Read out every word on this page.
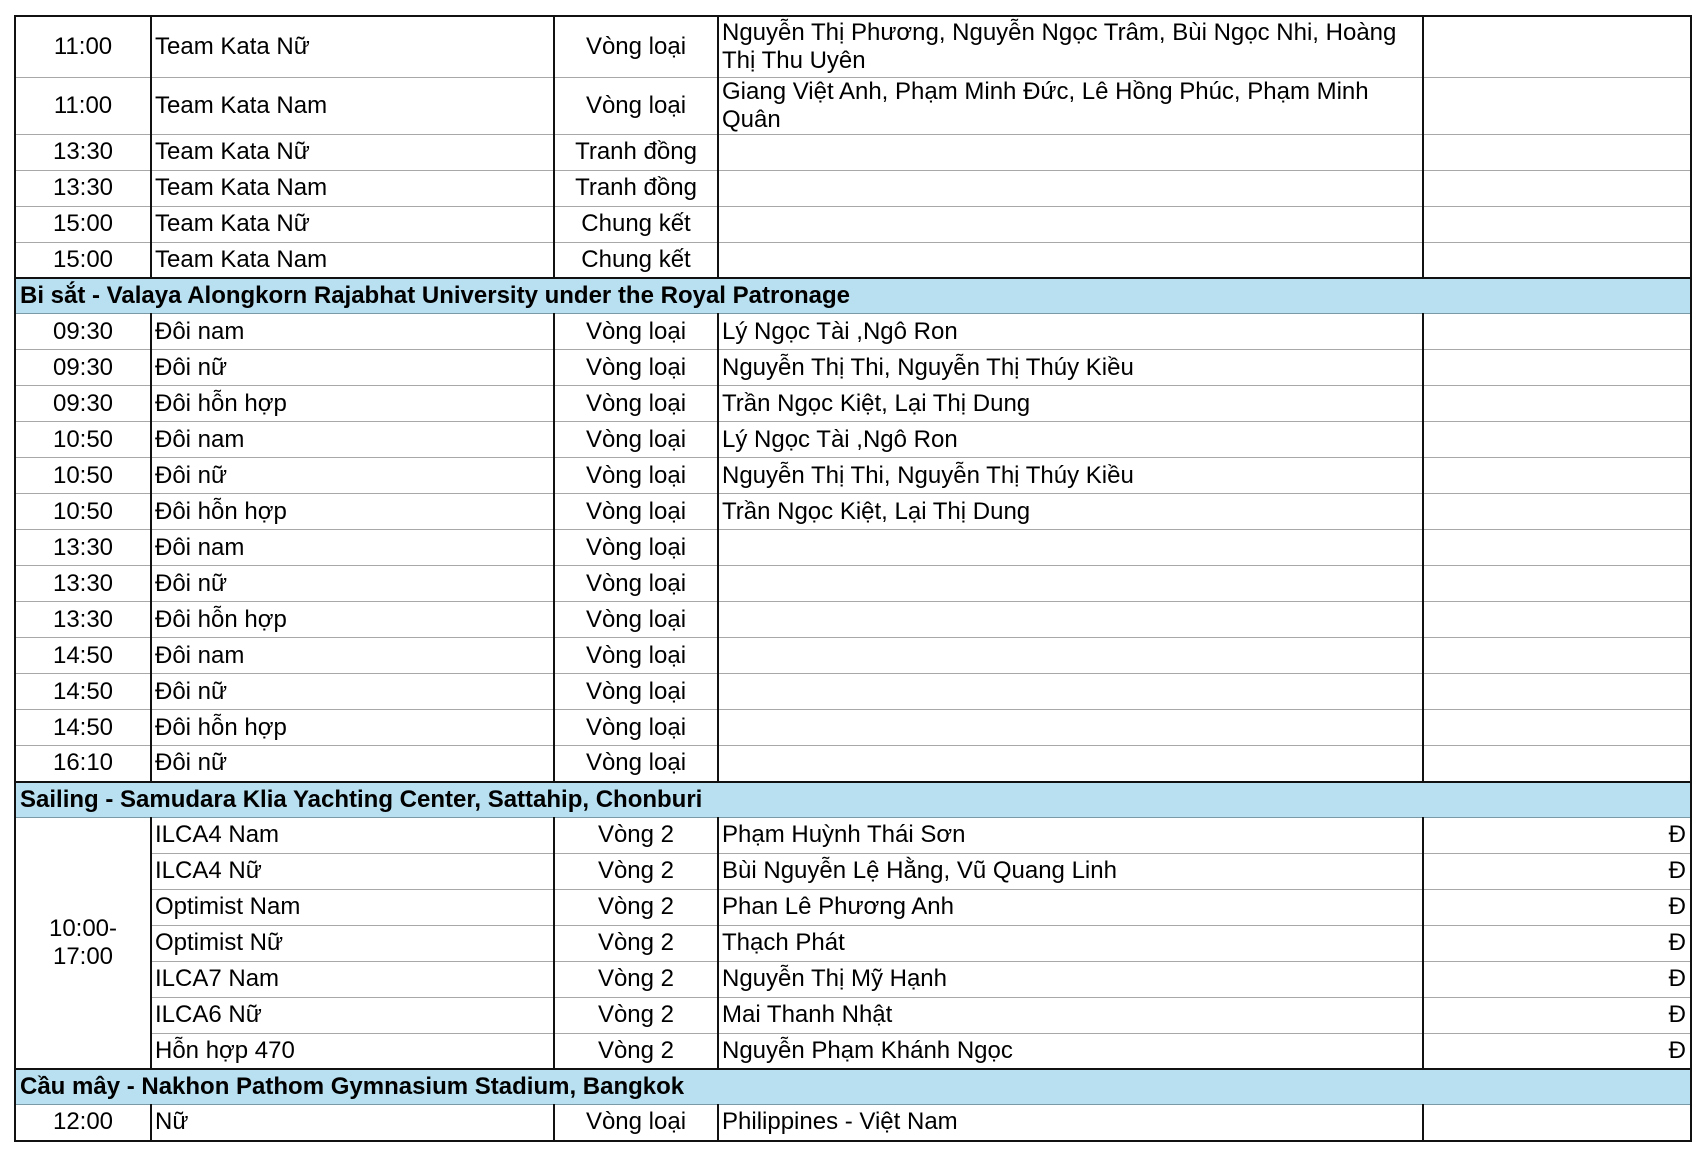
11:00	Team Kata Nữ	Vòng loại	Nguyễn Thị Phương, Nguyễn Ngọc Trâm, Bùi Ngọc Nhi, Hoàng Thị Thu Uyên	
11:00	Team Kata Nam	Vòng loại	Giang Việt Anh, Phạm Minh Đức, Lê Hồng Phúc, Phạm Minh Quân	
13:30	Team Kata Nữ	Tranh đồng		
13:30	Team Kata Nam	Tranh đồng		
15:00	Team Kata Nữ	Chung kết		
15:00	Team Kata Nam	Chung kết		
Bi sắt - Valaya Alongkorn Rajabhat University under the Royal Patronage				
09:30	Đôi nam	Vòng loại	Lý Ngọc Tài ,Ngô Ron	
09:30	Đôi nữ	Vòng loại	Nguyễn Thị Thi, Nguyễn Thị Thúy Kiều	
09:30	Đôi hỗn hợp	Vòng loại	Trần Ngọc Kiệt, Lại Thị Dung	
10:50	Đôi nam	Vòng loại	Lý Ngọc Tài ,Ngô Ron	
10:50	Đôi nữ	Vòng loại	Nguyễn Thị Thi, Nguyễn Thị Thúy Kiều	
10:50	Đôi hỗn hợp	Vòng loại	Trần Ngọc Kiệt, Lại Thị Dung	
13:30	Đôi nam	Vòng loại		
13:30	Đôi nữ	Vòng loại		
13:30	Đôi hỗn hợp	Vòng loại		
14:50	Đôi nam	Vòng loại		
14:50	Đôi nữ	Vòng loại		
14:50	Đôi hỗn hợp	Vòng loại		
16:10	Đôi nữ	Vòng loại		
Sailing - Samudara Klia Yachting Center, Sattahip, Chonburi				
10:00-17:00	ILCA4 Nam	Vòng 2	Phạm Huỳnh Thái Sơn	Đ
	ILCA4 Nữ	Vòng 2	Bùi Nguyễn Lệ Hằng, Vũ Quang Linh	Đ
	Optimist Nam	Vòng 2	Phan Lê Phương Anh	Đ
	Optimist Nữ	Vòng 2	Thạch Phát	Đ
	ILCA7 Nam	Vòng 2	Nguyễn Thị Mỹ Hạnh	Đ
	ILCA6 Nữ	Vòng 2	Mai Thanh Nhật	Đ
	Hỗn hợp 470	Vòng 2	Nguyễn Phạm Khánh Ngọc	Đ
Cầu mây - Nakhon Pathom Gymnasium Stadium, Bangkok				
12:00	Nữ	Vòng loại	Philippines - Việt Nam	
